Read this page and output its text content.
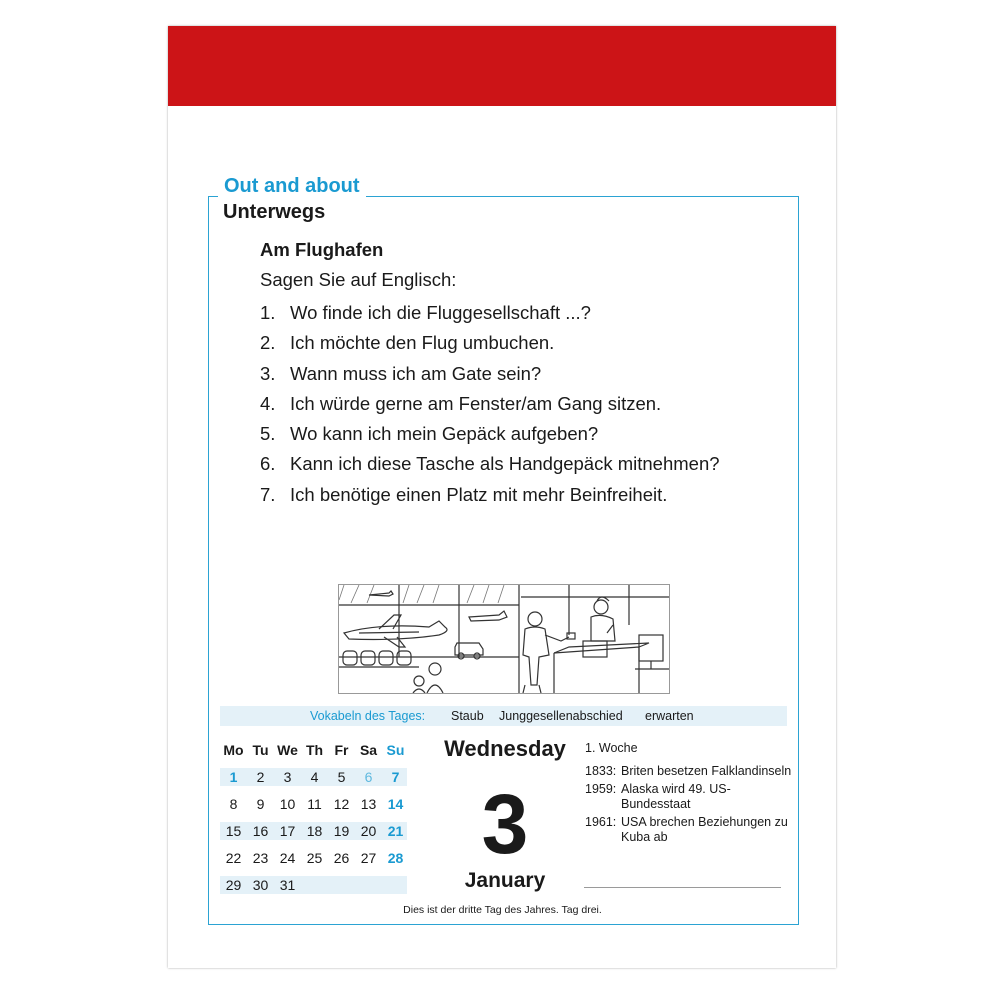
Out and about
Unterwegs
Am Flughafen
Sagen Sie auf Englisch:
1. Wo finde ich die Fluggesellschaft ...?
2. Ich möchte den Flug umbuchen.
3. Wann muss ich am Gate sein?
4. Ich würde gerne am Fenster/am Gang sitzen.
5. Wo kann ich mein Gepäck aufgeben?
6. Kann ich diese Tasche als Handgepäck mitnehmen?
7. Ich benötige einen Platz mit mehr Beinfreiheit.
Vokabeln des Tages: Staub Junggesellenabschied erwarten
Mo Tu We Th Fr Sa Su
1	2	3	4	5	6	7
8	9	10 11 12 13 14
15 16 17 18 19 20 21
22 23 24 25 26 27 28
29 30 31
Wednesday
3
January
1. Woche
1833: Briten besetzen Falklandinseln
1959: Alaska wird 49. US-Bundesstaat
1961: USA brechen Beziehungen zu Kuba ab
Dies ist der dritte Tag des Jahres. Tag drei.
